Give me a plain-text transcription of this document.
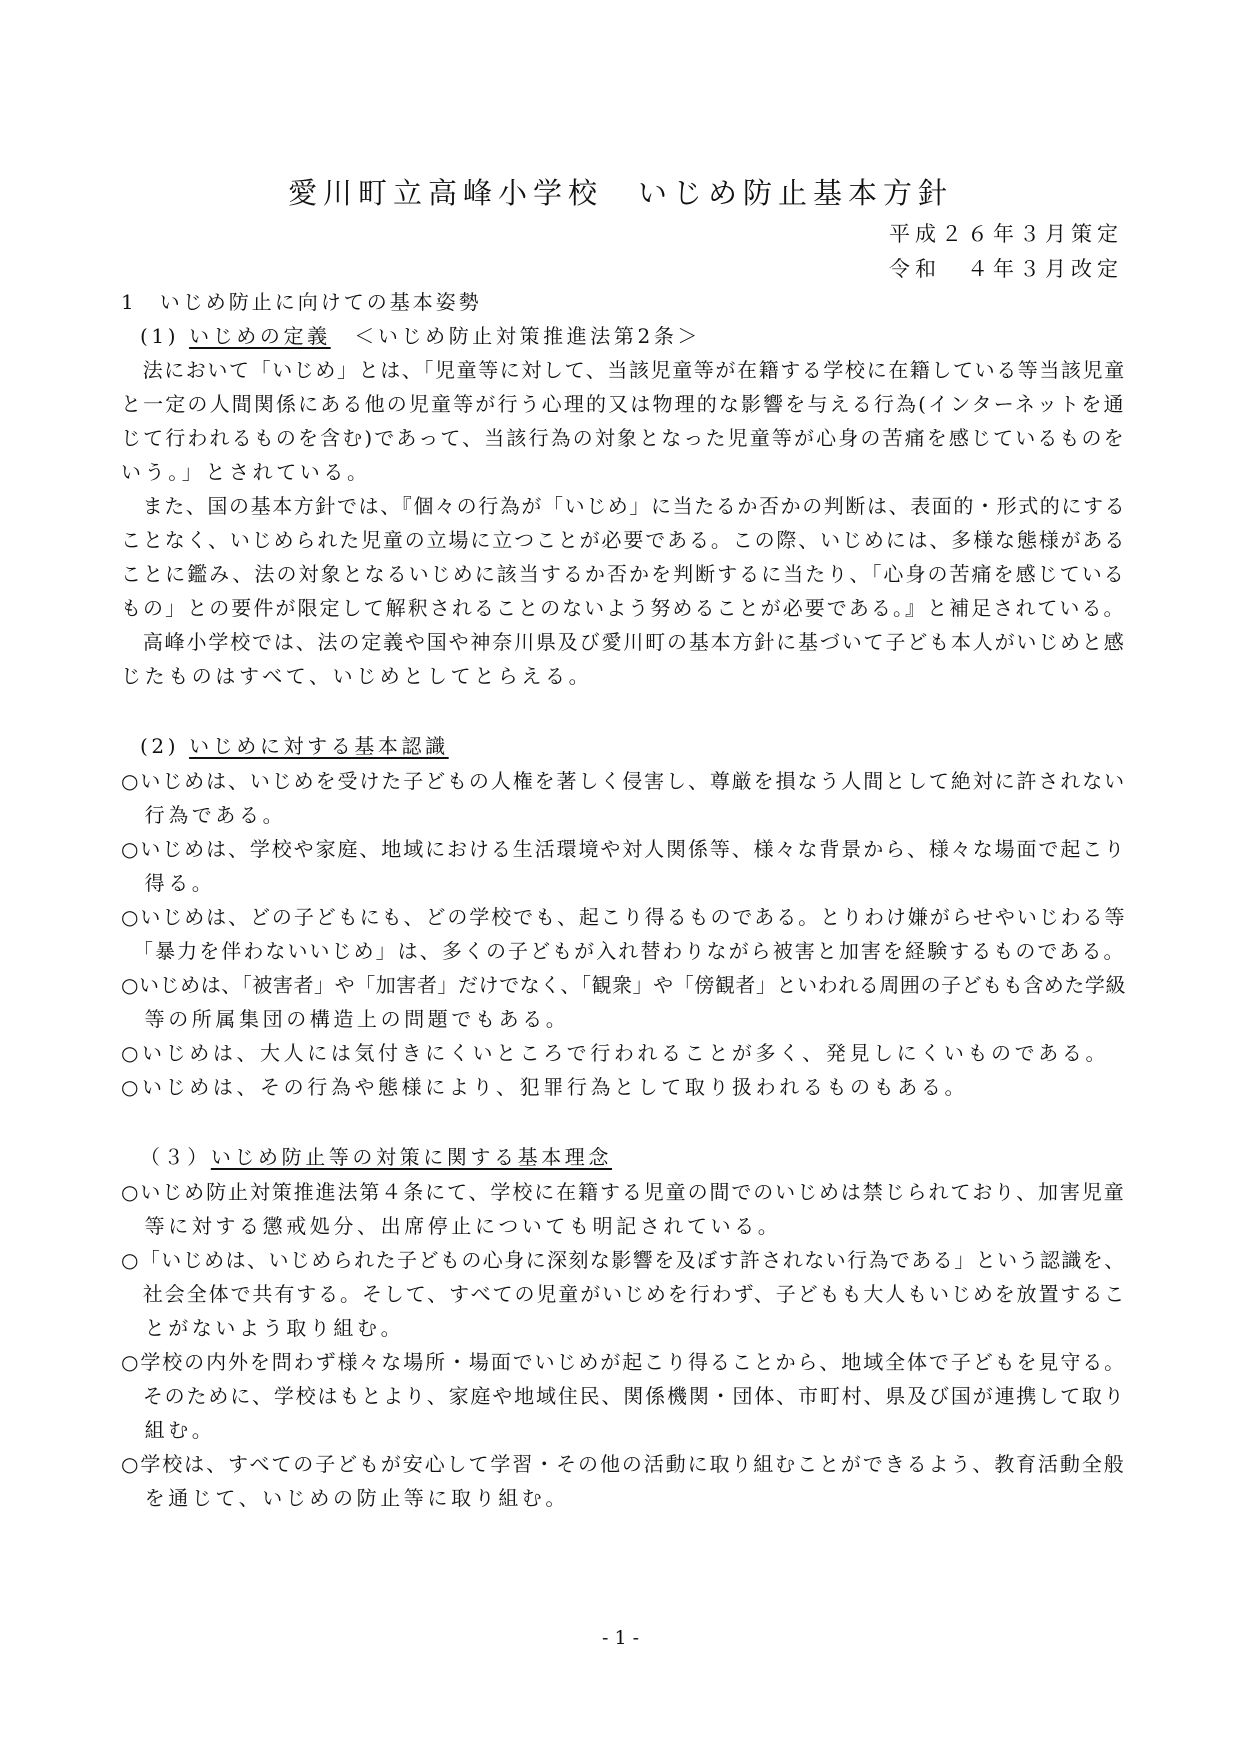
愛川町立高峰小学校　いじめ防止基本方針
平成２６年３月策定
令和　４年３月改定
1　いじめ防止に向けての基本姿勢
(1) いじめの定義　＜いじめ防止対策推進法第2条＞
　法において「いじめ」とは、「児童等に対して、当該児童等が在籍する学校に在籍している等当該児童
と一定の人間関係にある他の児童等が行う心理的又は物理的な影響を与える行為(インターネットを通
じて行われるものを含む)であって、当該行為の対象となった児童等が心身の苦痛を感じているものを
いう。」とされている。
　また、国の基本方針では、『個々の行為が「いじめ」に当たるか否かの判断は、表面的・形式的にする
ことなく、いじめられた児童の立場に立つことが必要である。この際、いじめには、多様な態様がある
ことに鑑み、法の対象となるいじめに該当するか否かを判断するに当たり、「心身の苦痛を感じている
もの」との要件が限定して解釈されることのないよう努めることが必要である。』と補足されている。
　高峰小学校では、法の定義や国や神奈川県及び愛川町の基本方針に基づいて子ども本人がいじめと感
じたものはすべて、いじめとしてとらえる。
(2) いじめに対する基本認識
○いじめは、いじめを受けた子どもの人権を著しく侵害し、尊厳を損なう人間として絶対に許されない
　行為である。
○いじめは、学校や家庭、地域における生活環境や対人関係等、様々な背景から、様々な場面で起こり
　得る。
○いじめは、どの子どもにも、どの学校でも、起こり得るものである。とりわけ嫌がらせやいじわる等
　「暴力を伴わないいじめ」は、多くの子どもが入れ替わりながら被害と加害を経験するものである。
○いじめは、「被害者」や「加害者」だけでなく、「観衆」や「傍観者」といわれる周囲の子どもも含めた学級
　等の所属集団の構造上の問題でもある。
○いじめは、大人には気付きにくいところで行われることが多く、発見しにくいものである。
○いじめは、その行為や態様により、犯罪行為として取り扱われるものもある。
（３）いじめ防止等の対策に関する基本理念
○いじめ防止対策推進法第４条にて、学校に在籍する児童の間でのいじめは禁じられており、加害児童
　等に対する懲戒処分、出席停止についても明記されている。
○「いじめは、いじめられた子どもの心身に深刻な影響を及ぼす許されない行為である」という認識を、
　社会全体で共有する。そして、すべての児童がいじめを行わず、子どもも大人もいじめを放置するこ
　とがないよう取り組む。
○学校の内外を問わず様々な場所・場面でいじめが起こり得ることから、地域全体で子どもを見守る。
　そのために、学校はもとより、家庭や地域住民、関係機関・団体、市町村、県及び国が連携して取り
　組む。
○学校は、すべての子どもが安心して学習・その他の活動に取り組むことができるよう、教育活動全般
　を通じて、いじめの防止等に取り組む。
- 1 -
